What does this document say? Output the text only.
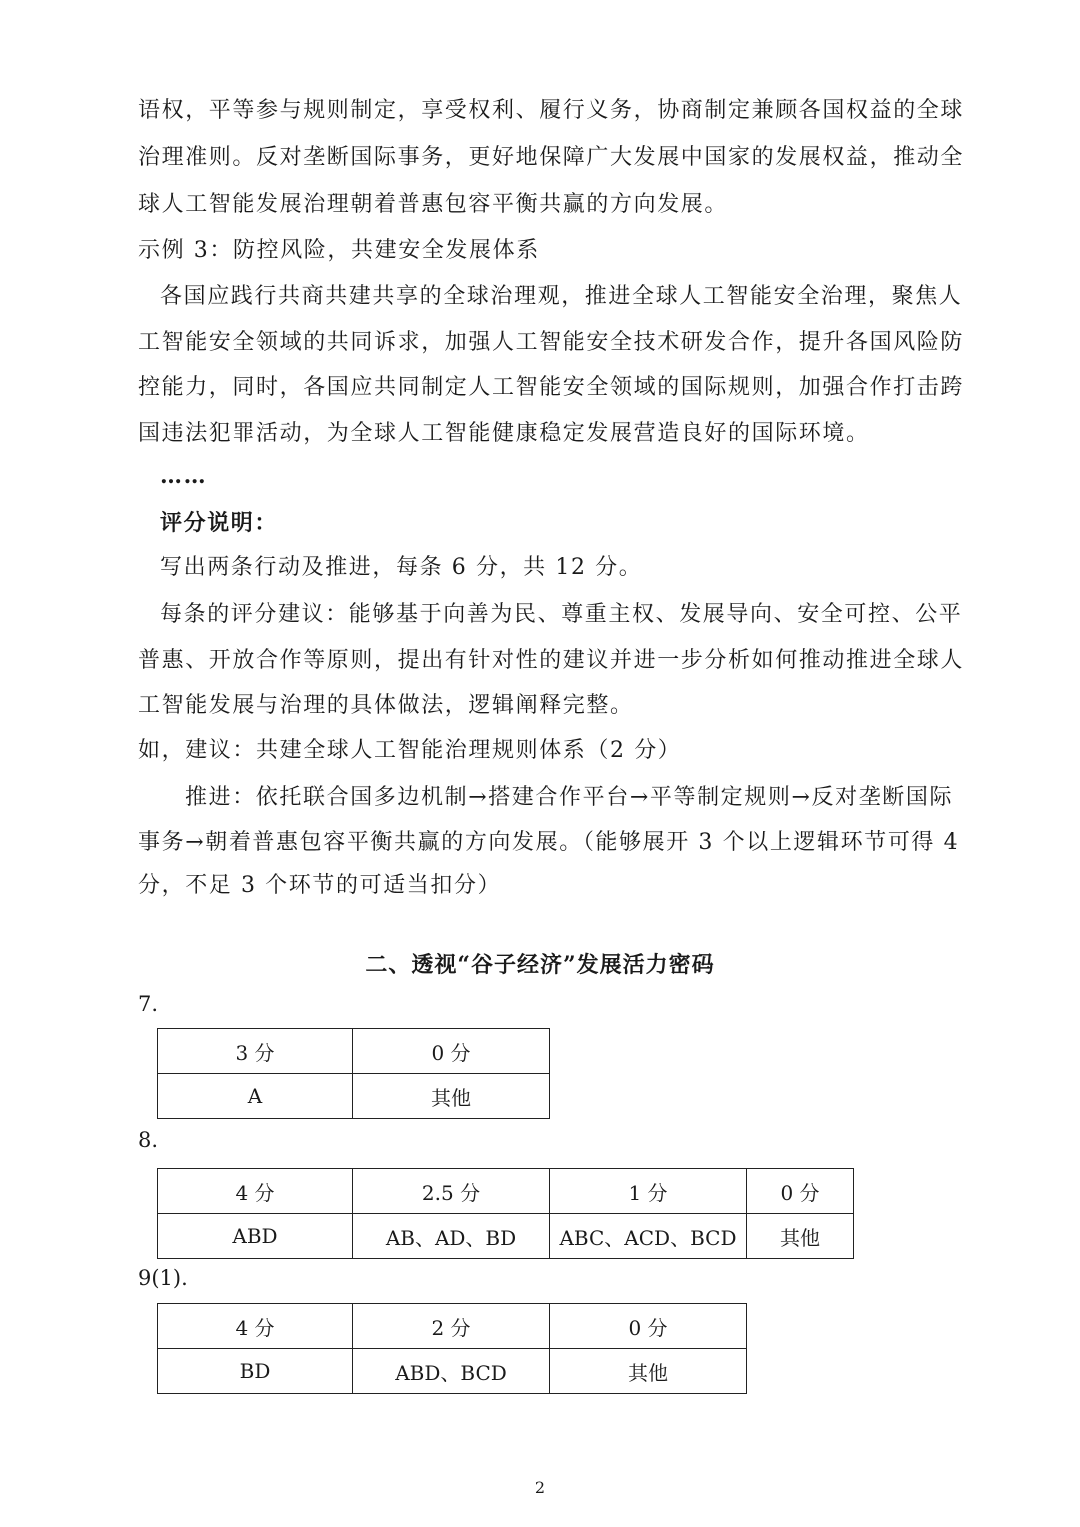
语权，平等参与规则制定，享受权利、履行义务，协商制定兼顾各国权益的全球
治理准则。反对垄断国际事务，更好地保障广大发展中国家的发展权益，推动全
球人工智能发展治理朝着普惠包容平衡共赢的方向发展。
示例 3：防控风险，共建安全发展体系
各国应践行共商共建共享的全球治理观，推进全球人工智能安全治理，聚焦人
工智能安全领域的共同诉求，加强人工智能安全技术研发合作，提升各国风险防
控能力，同时，各国应共同制定人工智能安全领域的国际规则，加强合作打击跨
国违法犯罪活动，为全球人工智能健康稳定发展营造良好的国际环境。
……
评分说明：
写出两条行动及推进，每条 6 分，共 12 分。
每条的评分建议：能够基于向善为民、尊重主权、发展导向、安全可控、公平
普惠、开放合作等原则，提出有针对性的建议并进一步分析如何推动推进全球人
工智能发展与治理的具体做法，逻辑阐释完整。
如，建议：共建全球人工智能治理规则体系（2 分）
推进：依托联合国多边机制→搭建合作平台→平等制定规则→反对垄断国际
事务→朝着普惠包容平衡共赢的方向发展。（能够展开 3 个以上逻辑环节可得 4
分，不足 3 个环节的可适当扣分）
二、透视“谷子经济”发展活力密码
7.
3 分	0 分
A	其他
8.
4 分	2.5 分	1 分	0 分
ABD	AB、AD、BD	ABC、ACD、BCD	其他
9(1).
4 分	2 分	0 分
BD	ABD、BCD	其他
2
